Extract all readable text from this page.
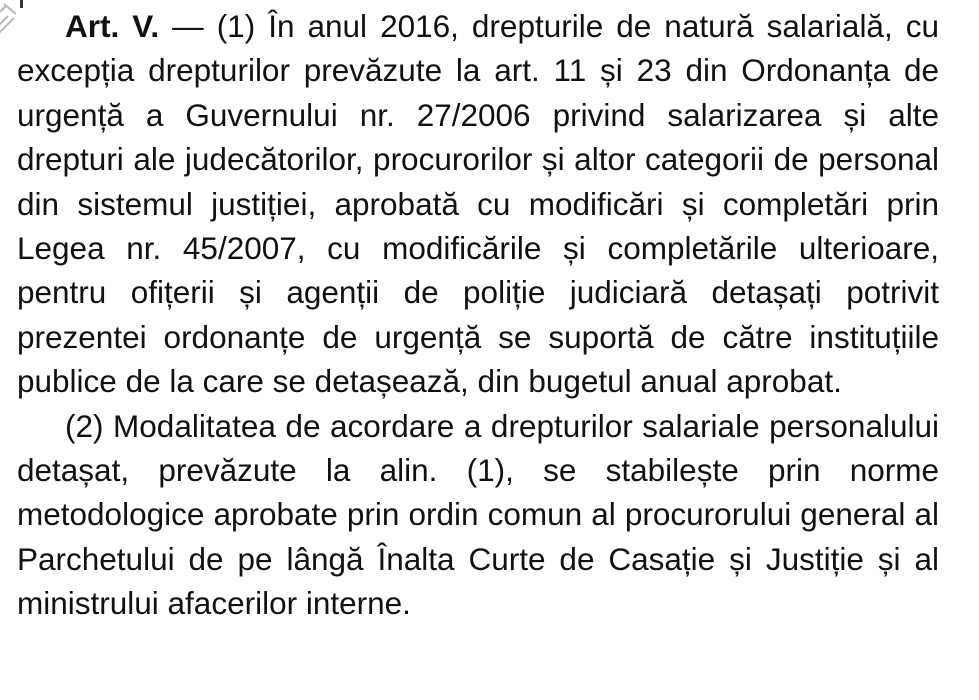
Art. V. — (1) În anul 2016, drepturile de natură salarială, cu excepția drepturilor prevăzute la art. 11 și 23 din Ordonanța de urgență a Guvernului nr. 27/2006 privind salarizarea și alte drepturi ale judecătorilor, procurorilor și altor categorii de personal din sistemul justiției, aprobată cu modificări și completări prin Legea nr. 45/2007, cu modificările și completările ulterioare, pentru ofițerii și agenții de poliție judiciară detașați potrivit prezentei ordonanțe de urgență se suportă de către instituțiile publice de la care se detașează, din bugetul anual aprobat.

(2) Modalitatea de acordare a drepturilor salariale personalului detașat, prevăzute la alin. (1), se stabilește prin norme metodologice aprobate prin ordin comun al procurorului general al Parchetului de pe lângă Înalta Curte de Casație și Justiție și al ministrului afacerilor interne.
